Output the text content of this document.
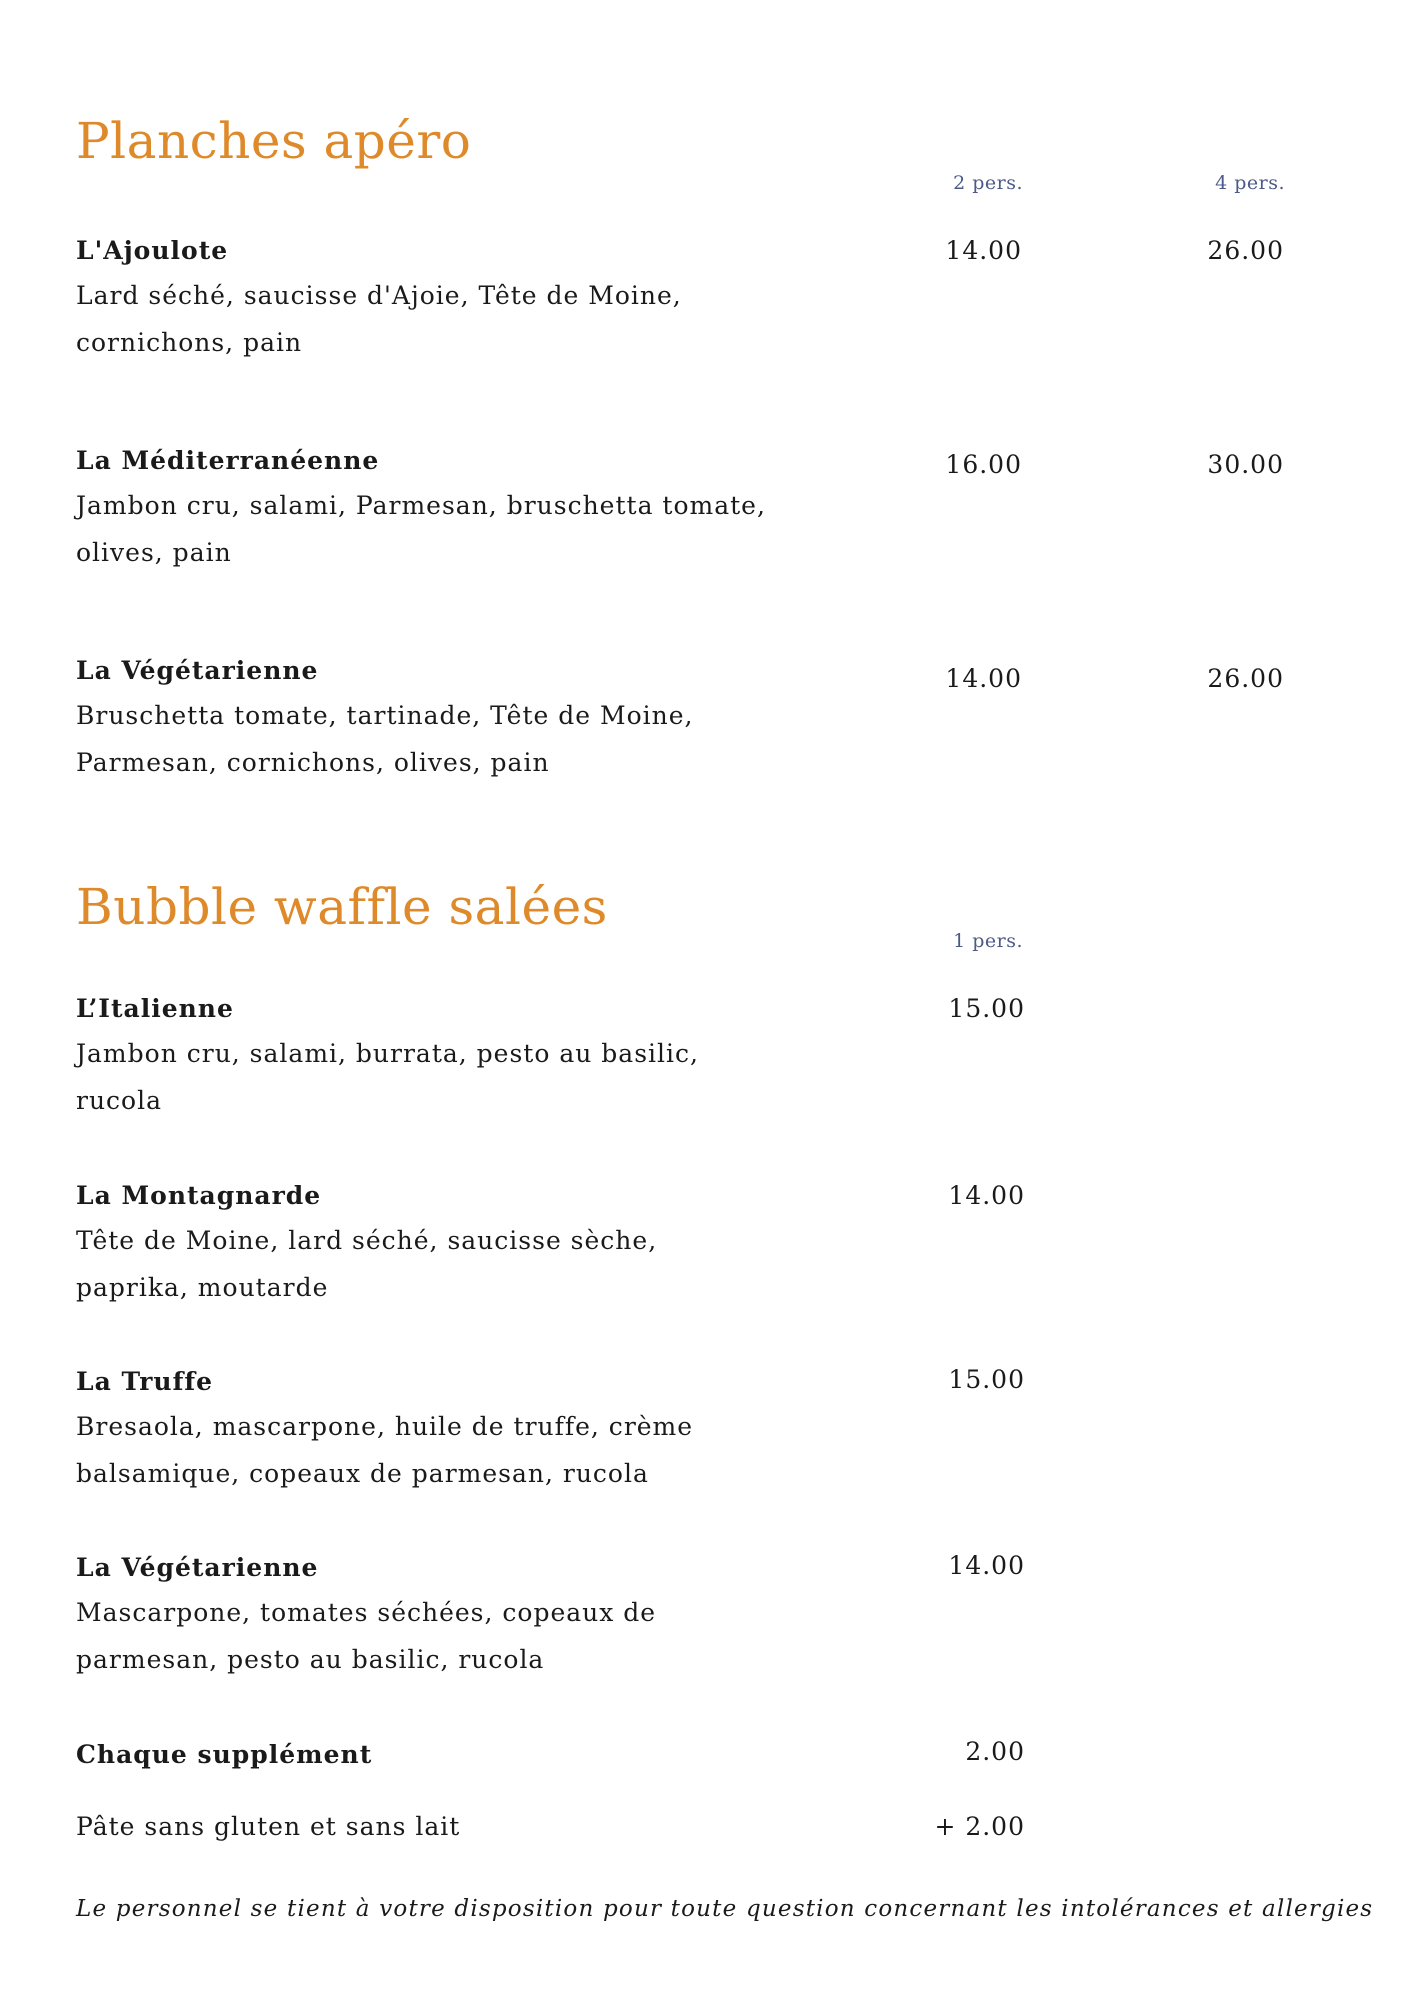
Planches apéro
2 pers.	4 pers.
L'Ajoulote
Lard séché, saucisse d'Ajoie, Tête de Moine,
cornichons, pain
14.00	26.00
La Méditerranéenne
Jambon cru, salami, Parmesan, bruschetta tomate,
olives, pain
16.00	30.00
La Végétarienne
Bruschetta tomate, tartinade, Tête de Moine,
Parmesan, cornichons, olives, pain
14.00	26.00
Bubble waffle salées
1 pers.
L’Italienne
Jambon cru, salami, burrata, pesto au basilic,
rucola
15.00
La Montagnarde
Tête de Moine, lard séché, saucisse sèche,
paprika, moutarde
14.00
La Truffe
Bresaola, mascarpone, huile de truffe, crème
balsamique, copeaux de parmesan, rucola
15.00
La Végétarienne
Mascarpone, tomates séchées, copeaux de
parmesan, pesto au basilic, rucola
14.00
Chaque supplément	2.00
Pâte sans gluten et sans lait	+ 2.00
Le personnel se tient à votre disposition pour toute question concernant les intolérances et allergies
